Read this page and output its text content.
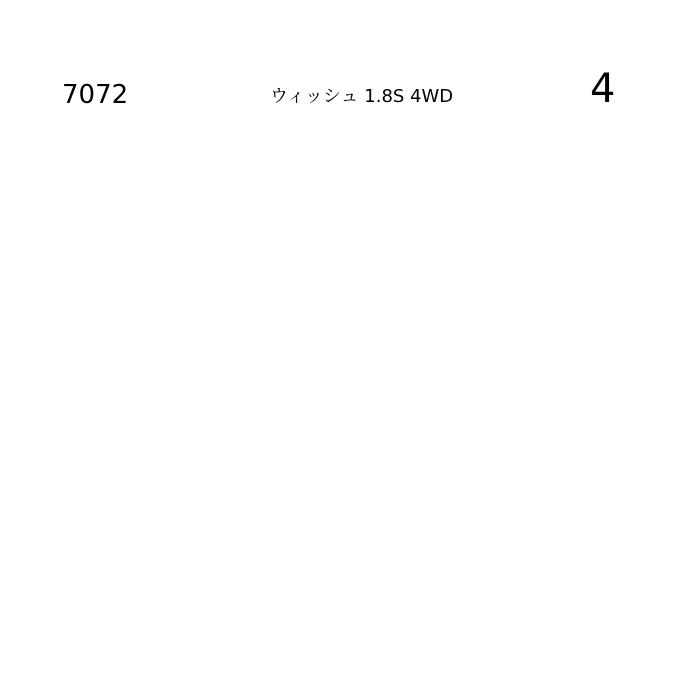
7072	ウィッシュ 1.8S 4WD	4
